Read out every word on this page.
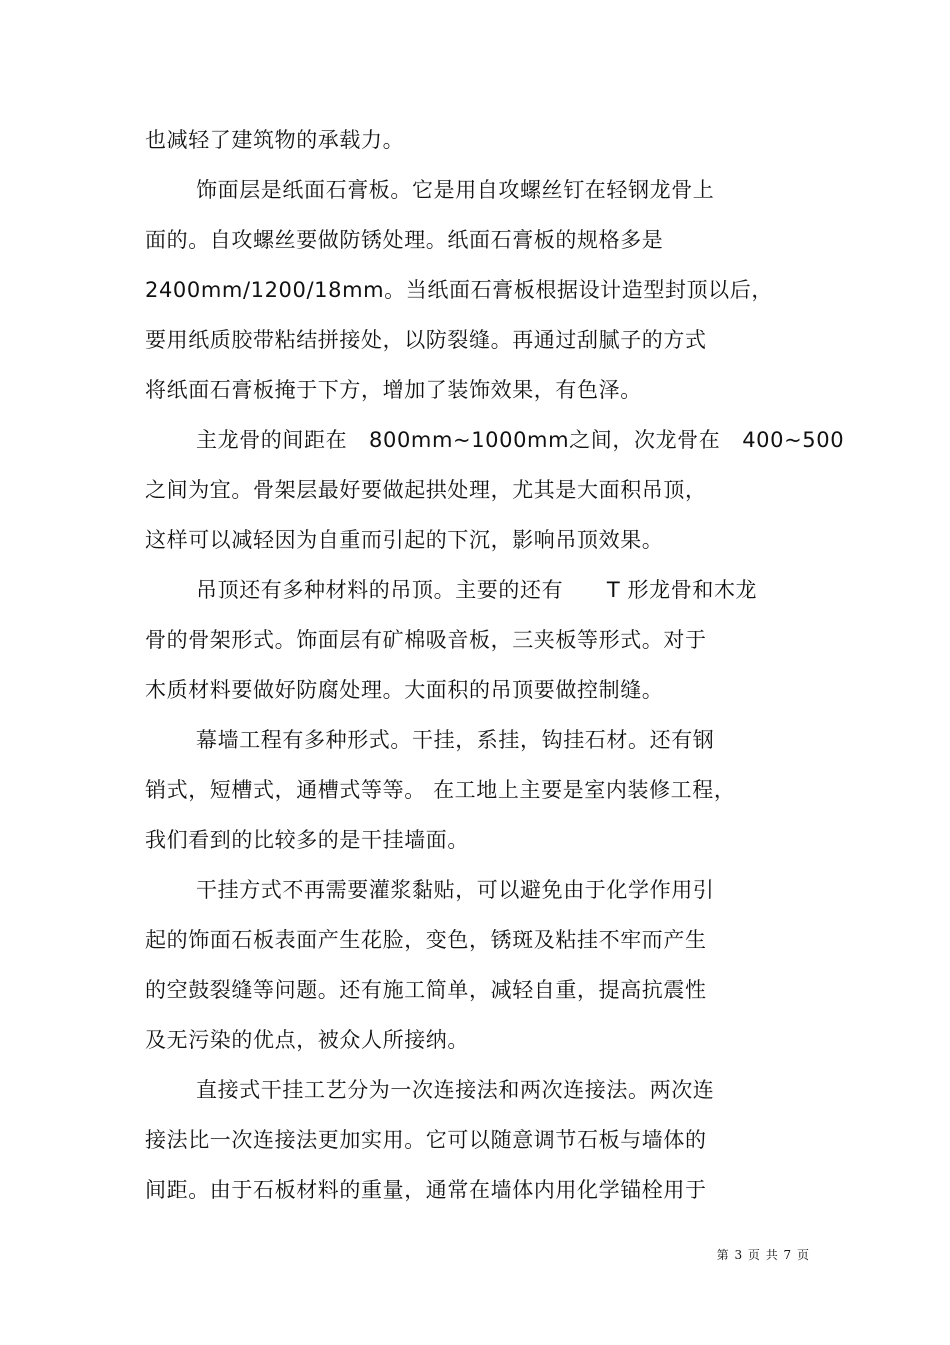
也减轻了建筑物的承载力。
饰面层是纸面石膏板。它是用自攻螺丝钉在轻钢龙骨上
面的。自攻螺丝要做防锈处理。纸面石膏板的规格多是
2400mm/1200/18mm。当纸面石膏板根据设计造型封顶以后，
要用纸质胶带粘结拼接处，以防裂缝。再通过刮腻子的方式
将纸面石膏板掩于下方，增加了装饰效果，有色泽。
主龙骨的间距在   800mm~1000mm之间，次龙骨在   400~500
之间为宜。骨架层最好要做起拱处理，尤其是大面积吊顶，
这样可以减轻因为自重而引起的下沉，影响吊顶效果。
吊顶还有多种材料的吊顶。主要的还有      T 形龙骨和木龙
骨的骨架形式。饰面层有矿棉吸音板，三夹板等形式。对于
木质材料要做好防腐处理。大面积的吊顶要做控制缝。
幕墙工程有多种形式。干挂，系挂，钩挂石材。还有钢
销式，短槽式，通槽式等等。 在工地上主要是室内装修工程，
我们看到的比较多的是干挂墙面。
干挂方式不再需要灌浆黏贴，可以避免由于化学作用引
起的饰面石板表面产生花脸，变色，锈斑及粘挂不牢而产生
的空鼓裂缝等问题。还有施工简单，减轻自重，提高抗震性
及无污染的优点，被众人所接纳。
直接式干挂工艺分为一次连接法和两次连接法。两次连
接法比一次连接法更加实用。它可以随意调节石板与墙体的
间距。由于石板材料的重量，通常在墙体内用化学锚栓用于
第 3 页 共 7 页
